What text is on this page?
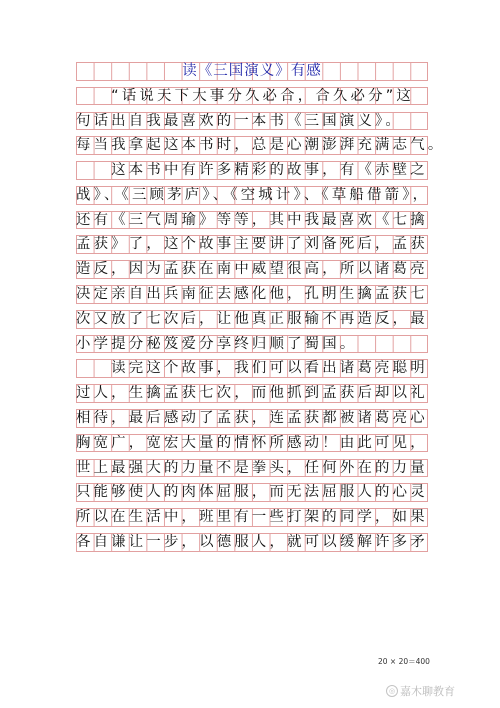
读《三国演义》有感
　　“话说天下大事分久必合，合久必分”这
句话出自我最喜欢的一本书《三国演义》。
每当我拿起这本书时，总是心潮澎湃充满志气。
　　这本书中有许多精彩的故事，有《赤壁之
战》、《三顾茅庐》、《空城计》、《草船借箭》，
还有《三气周瑜》等等，其中我最喜欢《七擒
孟获》了，这个故事主要讲了刘备死后，孟获
造反，因为孟获在南中威望很高，所以诸葛亮
决定亲自出兵南征去感化他，孔明生擒孟获七
次又放了七次后，让他真正服输不再造反，最
小学提分秘笈爱分享终归顺了蜀国。
　　读完这个故事，我们可以看出诸葛亮聪明
过人，生擒孟获七次，而他抓到孟获后却以礼
相待，最后感动了孟获，连孟获都被诸葛亮心
胸宽广，宽宏大量的情怀所感动！由此可见，
世上最强大的力量不是拳头，任何外在的力量
只能够使人的肉体屈服，而无法屈服人的心灵
所以在生活中，班里有一些打架的同学，如果
各自谦让一步，以德服人，就可以缓解许多矛
20 × 20＝400
◎ 嘉木聊教育
